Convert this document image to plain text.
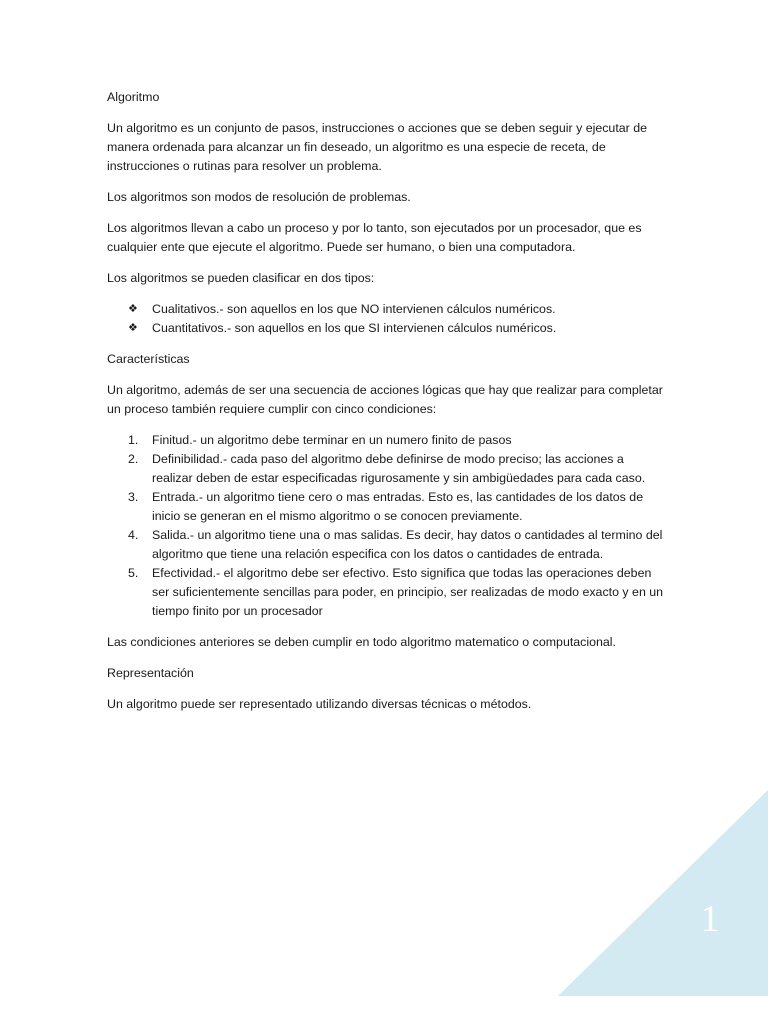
Algoritmo

Un algoritmo es un conjunto de pasos, instrucciones o acciones que se deben seguir y ejecutar de manera ordenada para alcanzar un fin deseado, un algoritmo es una especie de receta, de instrucciones o rutinas para resolver un problema.

Los algoritmos son modos de resolución de problemas.

Los algoritmos llevan a cabo un proceso y por lo tanto, son ejecutados por un procesador, que es cualquier ente que ejecute el algoritmo. Puede ser humano, o bien una computadora.

Los algoritmos se pueden clasificar en dos tipos:

❖ Cualitativos.- son aquellos en los que NO intervienen cálculos numéricos.
❖ Cuantitativos.- son aquellos en los que SI intervienen cálculos numéricos.

Características

Un algoritmo, además de ser una secuencia de acciones lógicas que hay que realizar para completar un proceso también requiere cumplir con cinco condiciones:

1. Finitud.- un algoritmo debe terminar en un numero finito de pasos
2. Definibilidad.- cada paso del algoritmo debe definirse de modo preciso; las acciones a realizar deben de estar especificadas rigurosamente y sin ambigüedades para cada caso.
3. Entrada.- un algoritmo tiene cero o mas entradas. Esto es, las cantidades de los datos de inicio se generan en el mismo algoritmo o se conocen previamente.
4. Salida.- un algoritmo tiene una o mas salidas. Es decir, hay datos o cantidades al termino del algoritmo que tiene una relación especifica con los datos o cantidades de entrada.
5. Efectividad.- el algoritmo debe ser efectivo. Esto significa que todas las operaciones deben ser suficientemente sencillas para poder, en principio, ser realizadas de modo exacto y en un tiempo finito por un procesador

Las condiciones anteriores se deben cumplir en todo algoritmo matematico o computacional.

Representación

Un algoritmo puede ser representado utilizando diversas técnicas o métodos.

1
